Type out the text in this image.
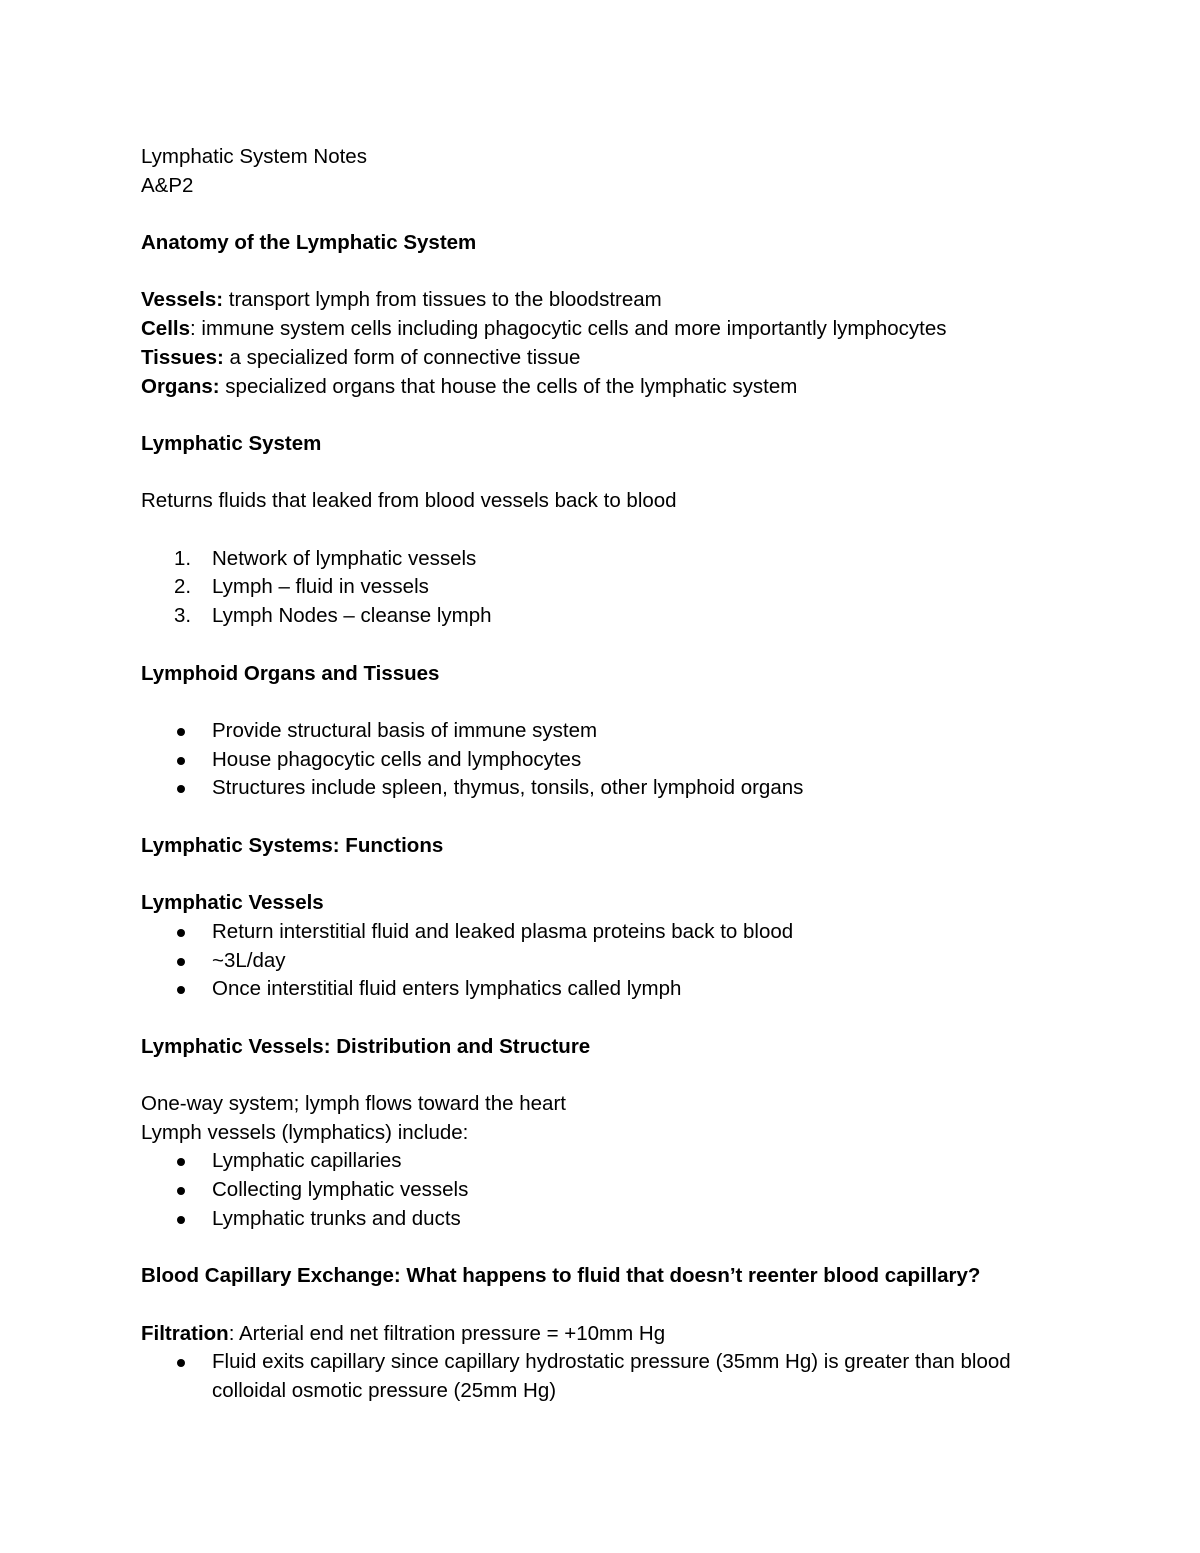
Lymphatic System Notes

A&P2

Anatomy of the Lymphatic System

Vessels: transport lymph from tissues to the bloodstream

Cells: immune system cells including phagocytic cells and more importantly lymphocytes

Tissues: a specialized form of connective tissue

Organs: specialized organs that house the cells of the lymphatic system

Lymphatic System

Returns fluids that leaked from blood vessels back to blood

1.	Network of lymphatic vessels
2.	Lymph – fluid in vessels
3.	Lymph Nodes – cleanse lymph

Lymphoid Organs and Tissues

Provide structural basis of immune system
House phagocytic cells and lymphocytes
Structures include spleen, thymus, tonsils, other lymphoid organs

Lymphatic Systems: Functions

Lymphatic Vessels

Return interstitial fluid and leaked plasma proteins back to blood
~3L/day
Once interstitial fluid enters lymphatics called lymph

Lymphatic Vessels: Distribution and Structure

One-way system; lymph flows toward the heart

Lymph vessels (lymphatics) include:

Lymphatic capillaries
Collecting lymphatic vessels
Lymphatic trunks and ducts

Blood Capillary Exchange: What happens to fluid that doesn’t reenter blood capillary?

Filtration: Arterial end net filtration pressure = +10mm Hg

Fluid exits capillary since capillary hydrostatic pressure (35mm Hg) is greater than blood colloidal osmotic pressure (25mm Hg)
